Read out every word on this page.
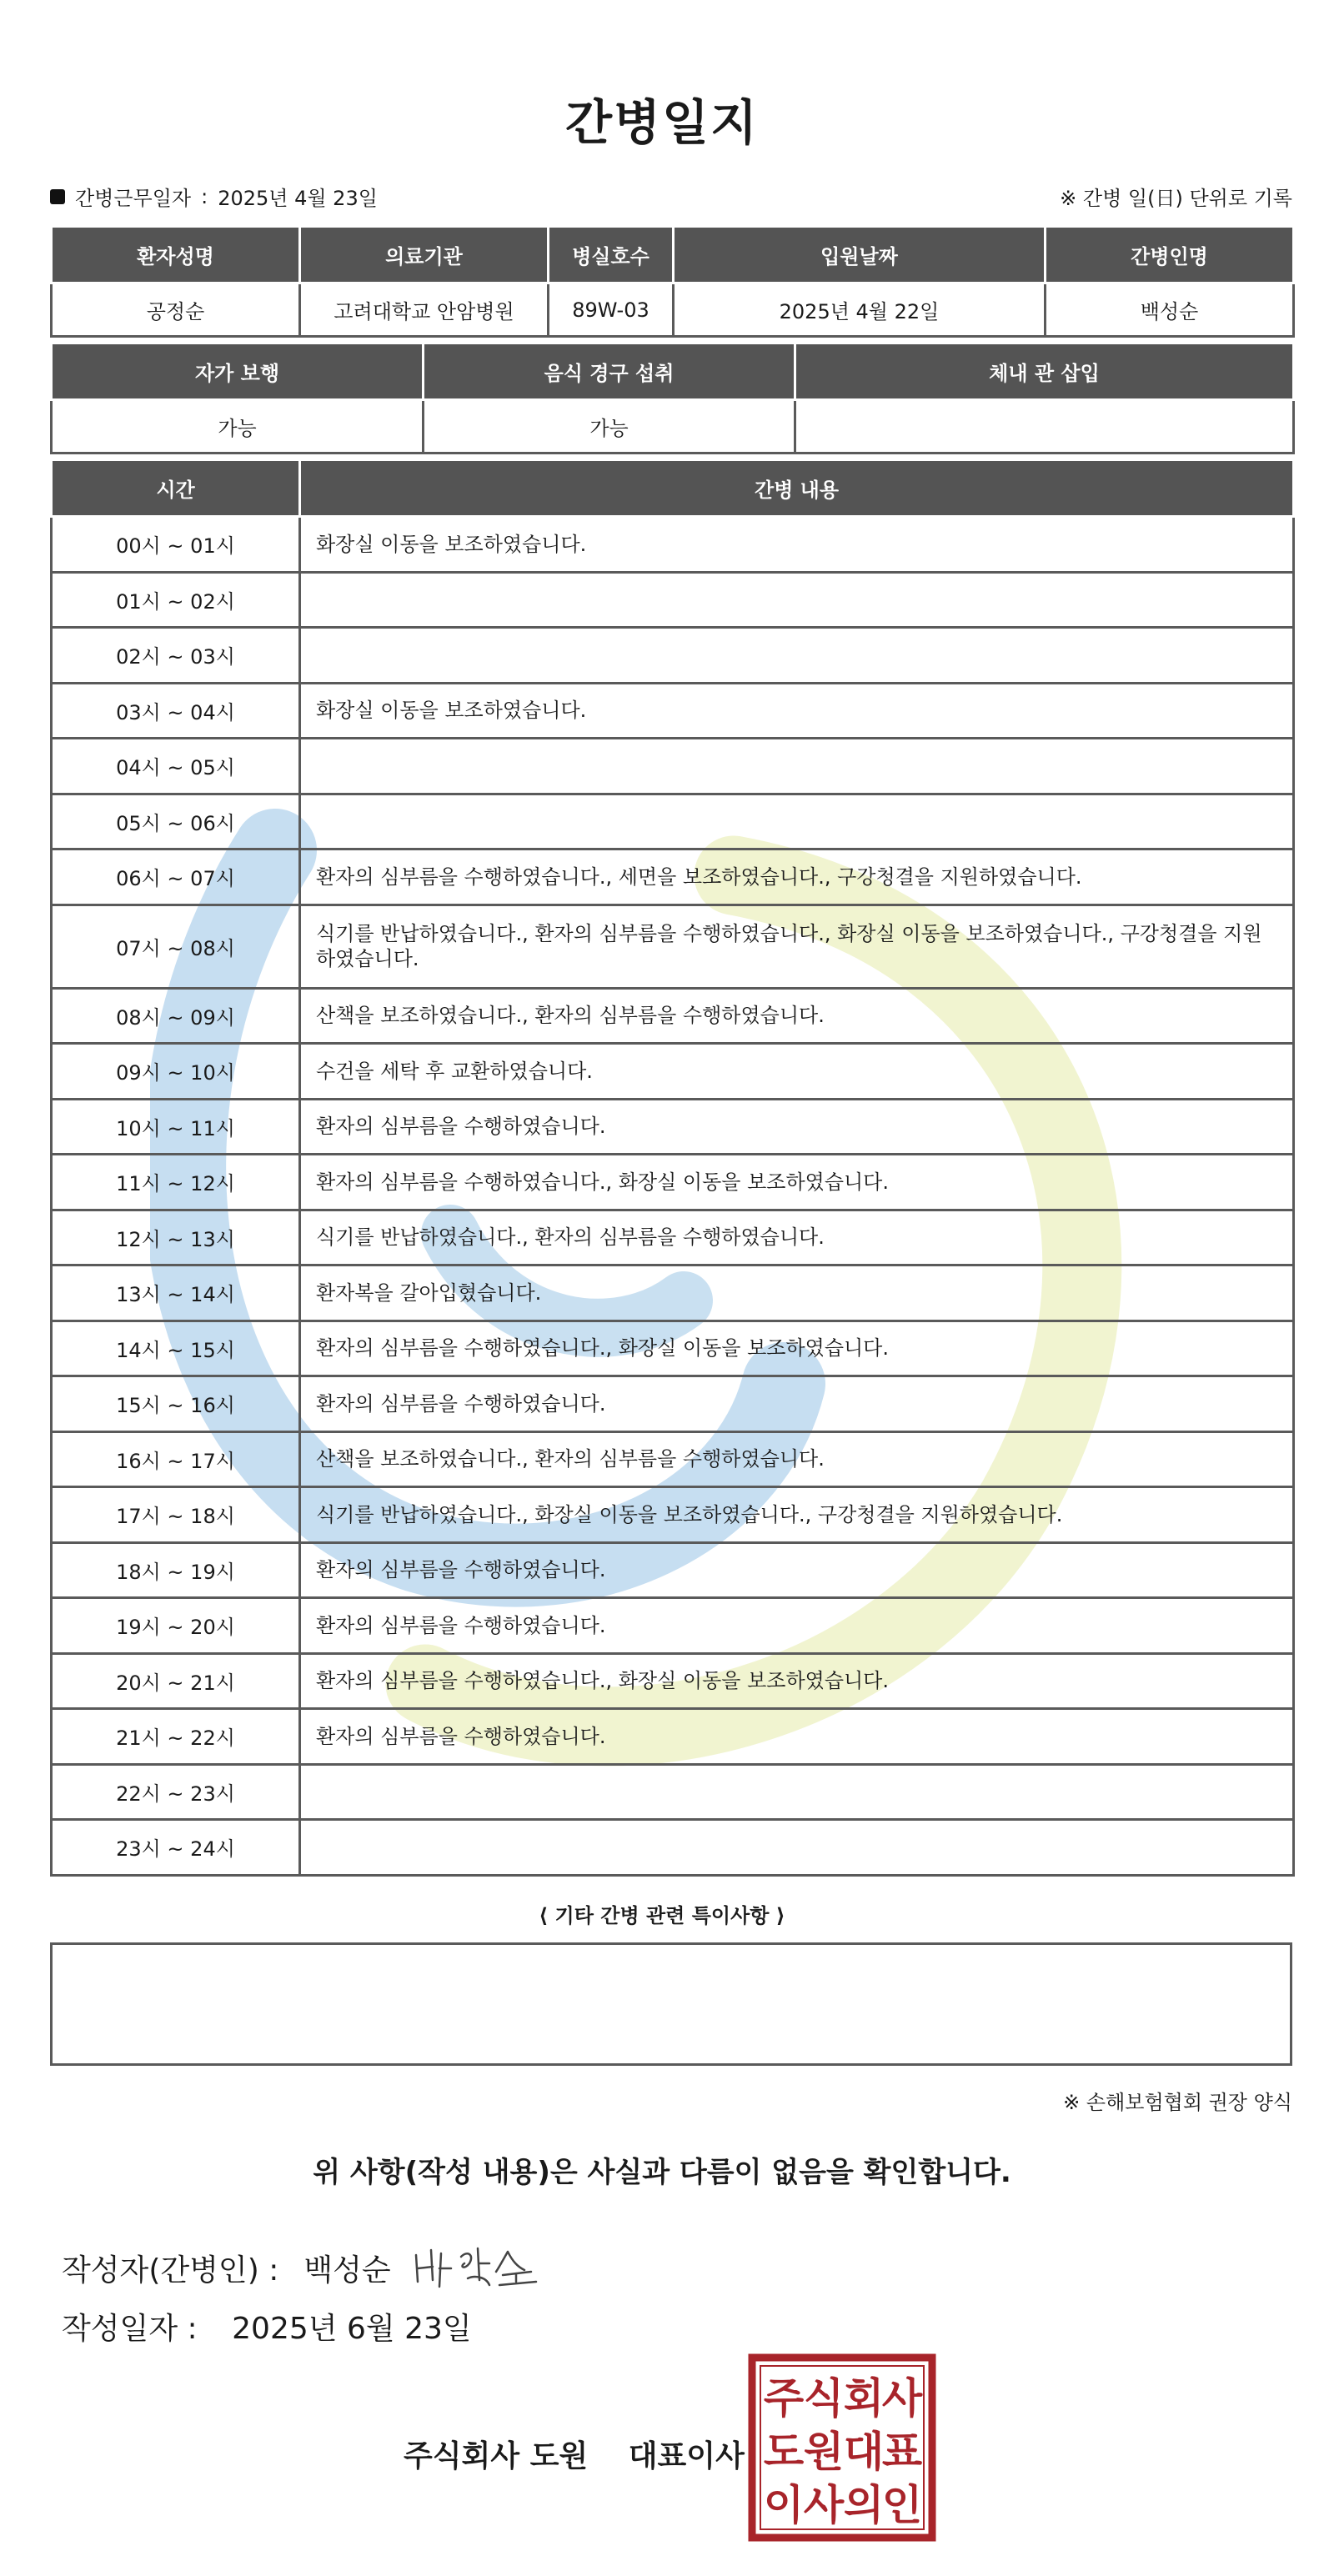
간병일지
간병근무일자 : 2025년 4월 23일	※ 간병 일(日) 단위로 기록
환자성명	의료기관	병실호수	입원날짜	간병인명
공정순	고려대학교 안암병원	89W-03	2025년 4월 22일	백성순
자가 보행	음식 경구 섭취	체내 관 삽입
가능	가능	
시간	간병 내용
00시 ~ 01시	화장실 이동을 보조하였습니다.
01시 ~ 02시	
02시 ~ 03시	
03시 ~ 04시	화장실 이동을 보조하였습니다.
04시 ~ 05시	
05시 ~ 06시	
06시 ~ 07시	환자의 심부름을 수행하였습니다., 세면을 보조하였습니다., 구강청결을 지원하였습니다.
07시 ~ 08시	식기를 반납하였습니다., 환자의 심부름을 수행하였습니다., 화장실 이동을 보조하였습니다., 구강청결을 지원하였습니다.
08시 ~ 09시	산책을 보조하였습니다., 환자의 심부름을 수행하였습니다.
09시 ~ 10시	수건을 세탁 후 교환하였습니다.
10시 ~ 11시	환자의 심부름을 수행하였습니다.
11시 ~ 12시	환자의 심부름을 수행하였습니다., 화장실 이동을 보조하였습니다.
12시 ~ 13시	식기를 반납하였습니다., 환자의 심부름을 수행하였습니다.
13시 ~ 14시	환자복을 갈아입혔습니다.
14시 ~ 15시	환자의 심부름을 수행하였습니다., 화장실 이동을 보조하였습니다.
15시 ~ 16시	환자의 심부름을 수행하였습니다.
16시 ~ 17시	산책을 보조하였습니다., 환자의 심부름을 수행하였습니다.
17시 ~ 18시	식기를 반납하였습니다., 화장실 이동을 보조하였습니다., 구강청결을 지원하였습니다.
18시 ~ 19시	환자의 심부름을 수행하였습니다.
19시 ~ 20시	환자의 심부름을 수행하였습니다.
20시 ~ 21시	환자의 심부름을 수행하였습니다., 화장실 이동을 보조하였습니다.
21시 ~ 22시	환자의 심부름을 수행하였습니다.
22시 ~ 23시	
23시 ~ 24시	
⟨ 기타 간병 관련 특이사항 ⟩
※ 손해보험협회 권장 양식
위 사항(작성 내용)은 사실과 다름이 없음을 확인합니다.
작성자(간병인) : 백성순
작성일자 : 2025년 6월 23일
주식회사 도원 대표이사
주 식 회
사
도 원 대
표
이 사 의
인
